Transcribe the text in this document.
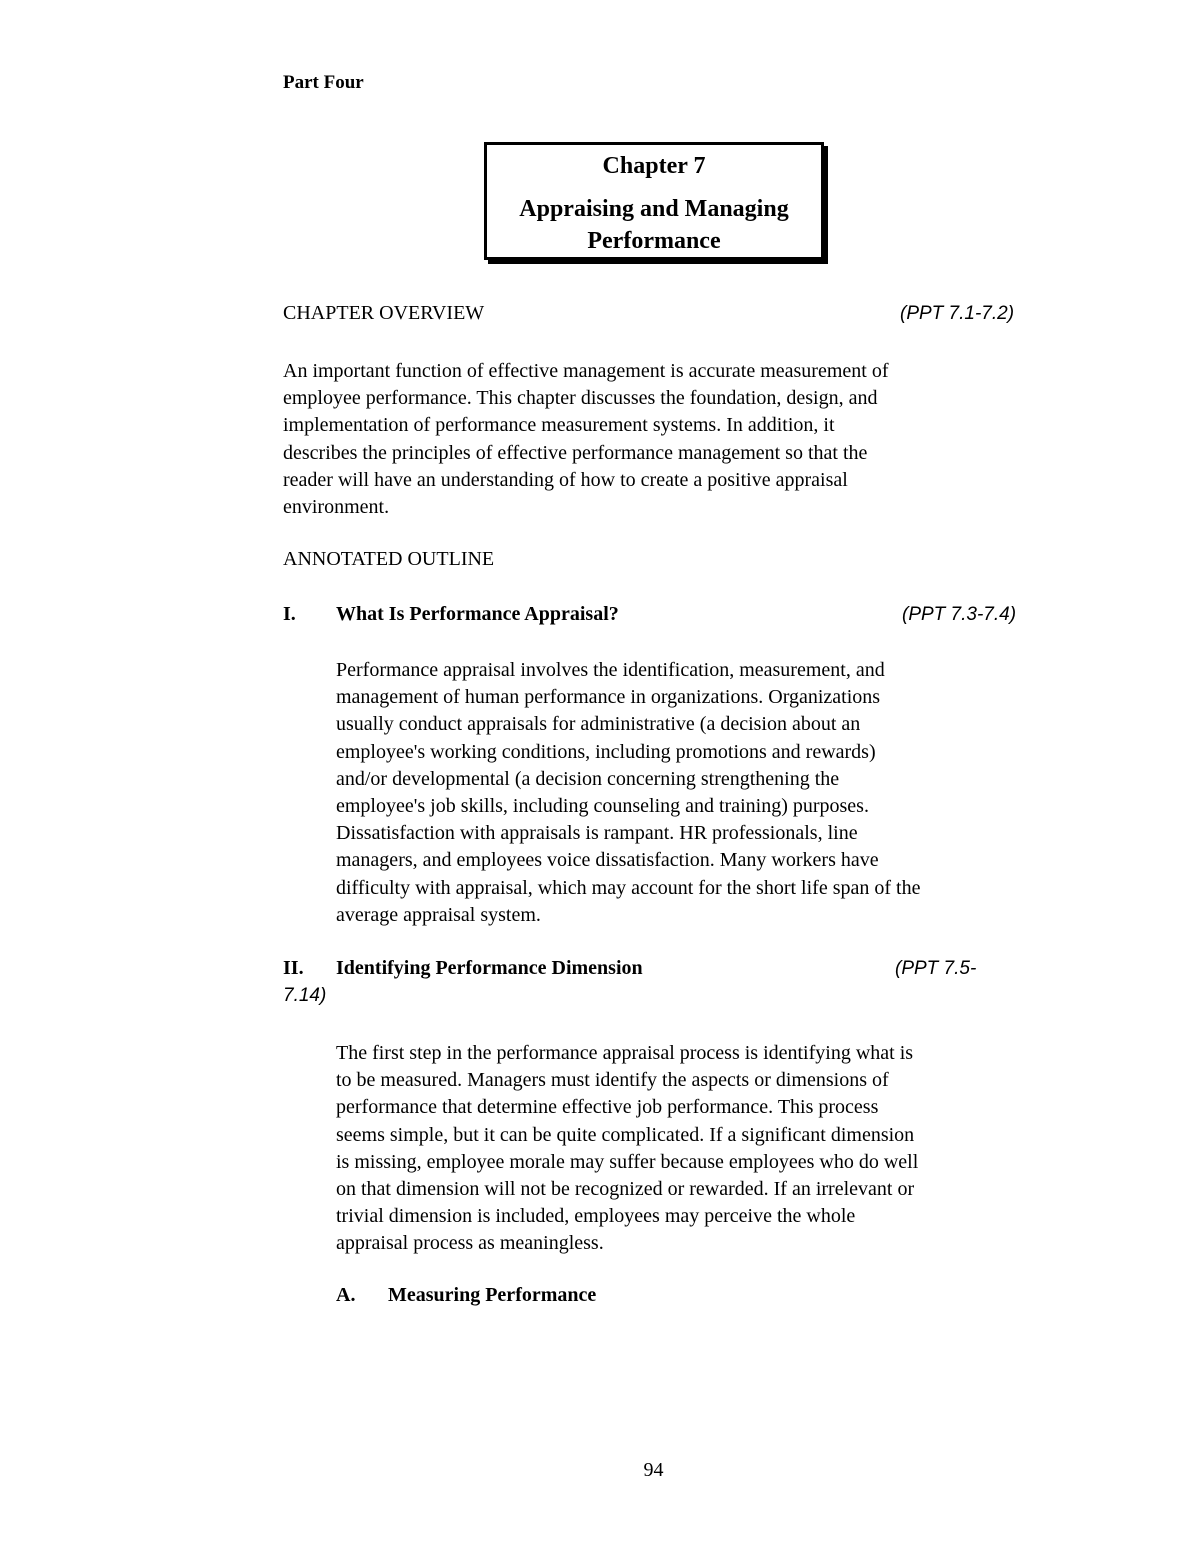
Part Four
Chapter 7
Appraising and Managing
Performance
CHAPTER OVERVIEW	(PPT 7.1-7.2)
An important function of effective management is accurate measurement of
employee performance. This chapter discusses the foundation, design, and
implementation of performance measurement systems. In addition, it
describes the principles of effective performance management so that the
reader will have an understanding of how to create a positive appraisal
environment.
ANNOTATED OUTLINE
I. What Is Performance Appraisal?	(PPT 7.3-7.4)
Performance appraisal involves the identification, measurement, and
management of human performance in organizations. Organizations
usually conduct appraisals for administrative (a decision about an
employee's working conditions, including promotions and rewards)
and/or developmental (a decision concerning strengthening the
employee's job skills, including counseling and training) purposes.
Dissatisfaction with appraisals is rampant. HR professionals, line
managers, and employees voice dissatisfaction. Many workers have
difficulty with appraisal, which may account for the short life span of the
average appraisal system.
II. Identifying Performance Dimension	(PPT 7.5-
7.14)
The first step in the performance appraisal process is identifying what is
to be measured. Managers must identify the aspects or dimensions of
performance that determine effective job performance. This process
seems simple, but it can be quite complicated. If a significant dimension
is missing, employee morale may suffer because employees who do well
on that dimension will not be recognized or rewarded. If an irrelevant or
trivial dimension is included, employees may perceive the whole
appraisal process as meaningless.
A. Measuring Performance
94
